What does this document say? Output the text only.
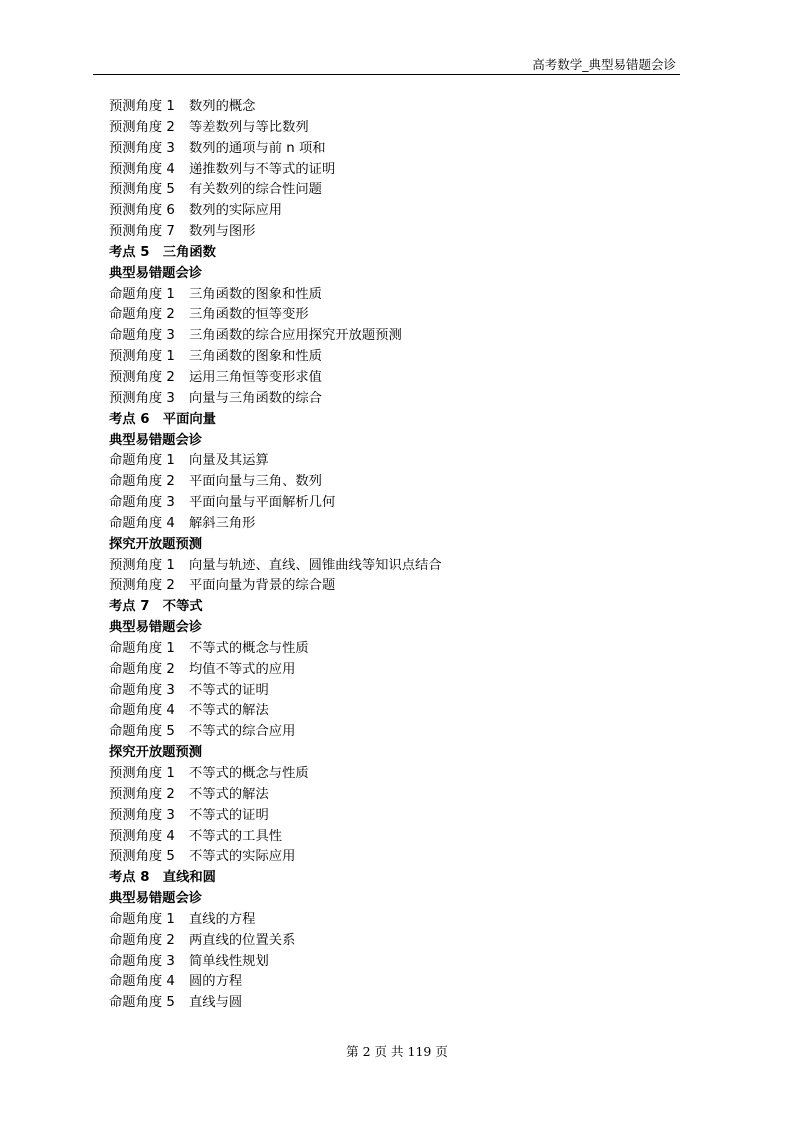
高考数学_典型易错题会诊
预测角度 1 数列的概念
预测角度 2 等差数列与等比数列
预测角度 3 数列的通项与前 n 项和
预测角度 4 递推数列与不等式的证明
预测角度 5 有关数列的综合性问题
预测角度 6 数列的实际应用
预测角度 7 数列与图形
考点 5　三角函数
典型易错题会诊
命题角度 1 三角函数的图象和性质
命题角度 2 三角函数的恒等变形
命题角度 3 三角函数的综合应用探究开放题预测
预测角度 1 三角函数的图象和性质
预测角度 2 运用三角恒等变形求值
预测角度 3 向量与三角函数的综合
考点 6　平面向量
典型易错题会诊
命题角度 1 向量及其运算
命题角度 2 平面向量与三角、数列
命题角度 3 平面向量与平面解析几何
命题角度 4 解斜三角形
探究开放题预测
预测角度 1 向量与轨迹、直线、圆锥曲线等知识点结合
预测角度 2 平面向量为背景的综合题
考点 7　不等式
典型易错题会诊
命题角度 1 不等式的概念与性质
命题角度 2 均值不等式的应用
命题角度 3 不等式的证明
命题角度 4 不等式的解法
命题角度 5 不等式的综合应用
探究开放题预测
预测角度 1 不等式的概念与性质
预测角度 2 不等式的解法
预测角度 3 不等式的证明
预测角度 4 不等式的工具性
预测角度 5 不等式的实际应用
考点 8　直线和圆
典型易错题会诊
命题角度 1 直线的方程
命题角度 2 两直线的位置关系
命题角度 3 简单线性规划
命题角度 4 圆的方程
命题角度 5 直线与圆
第 2 页 共 119 页
